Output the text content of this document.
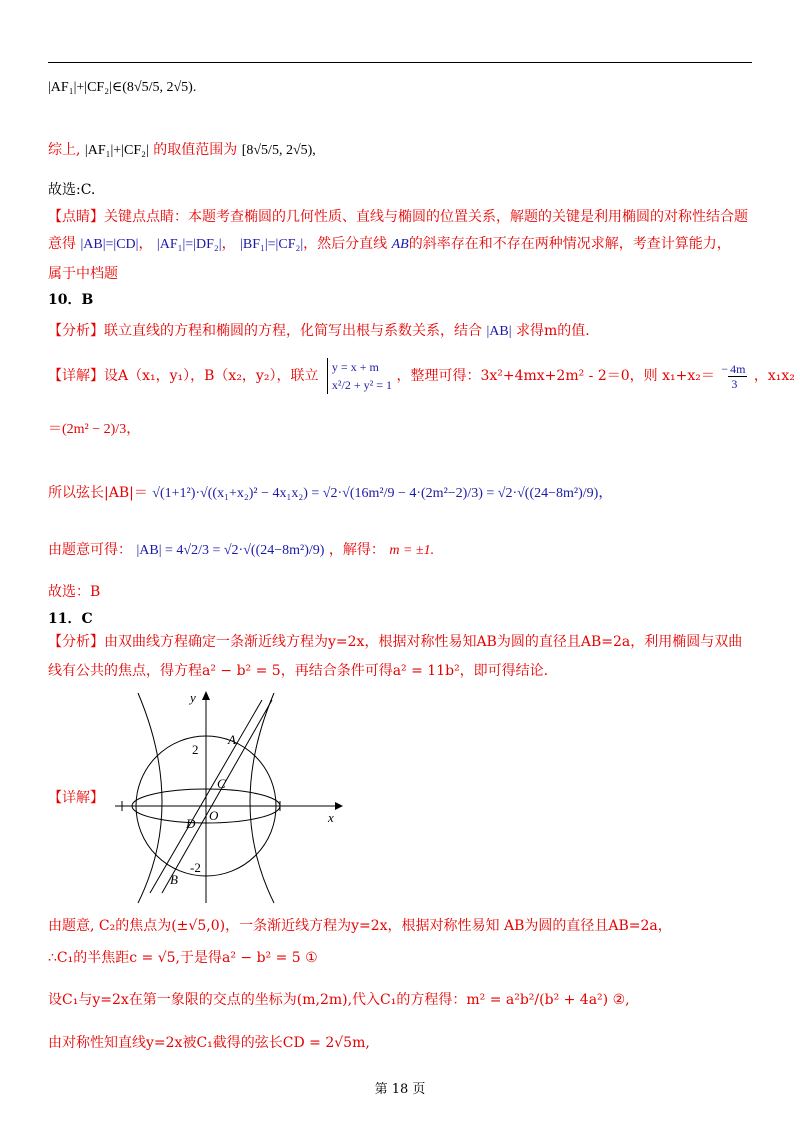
|AF₁|+|CF₂|∈(8√5/5, 2√5).
综上, |AF₁|+|CF₂| 的取值范围为 [8√5/5, 2√5),
故选:C.
【点睛】关键点点睛：本题考查椭圆的几何性质、直线与椭圆的位置关系，解题的关键是利用椭圆的对称性结合题
意得 |AB|=|CD|， |AF₁|=|DF₂|， |BF₁|=|CF₂|，然后分直线 AB的斜率存在和不存在两种情况求解，考查计算能力，
属于中档题
10．B
【分析】联立直线的方程和椭圆的方程，化简写出根与系数关系，结合 |AB| 求得m的值.
【详解】设A（x₁，y₁），B（x₂，y₂），联立
y = x + m
x²/2 + y² = 1
，整理可得：3x²+4mx+2m² - 2＝0，则 x₁+x₂＝ − 4m
3	，x₁x₂
＝(2m² − 2)/3，
所以弦长|AB|＝ √(1+1²)·√((x₁+x₂)² − 4x₁x₂) = √2·√(16m²/9 − 4·(2m²−2)/3) = √2·√((24−8m²)/9)，
由题意可得： |AB| = 4√2/3 = √2·√((24−8m²)/9) ，解得： m = ±1.
故选：B
11．C
【分析】由双曲线方程确定一条渐近线方程为y=2x，根据对称性易知AB为圆的直径且AB=2a，利用椭圆与双曲
线有公共的焦点，得方程a² − b² = 5，再结合条件可得a² = 11b²，即可得结论.
【详解】
x
y
2
-2
A
B
C
D
O
由题意, C₂的焦点为(±√5,0)，一条渐近线方程为y=2x，根据对称性易知 AB为圆的直径且AB=2a，
∴C₁的半焦距c = √5,于是得a² − b² = 5 ①
设C₁与y=2x在第一象限的交点的坐标为(m,2m),代入C₁的方程得：m² = a²b²/(b² + 4a²) ②,
由对称性知直线y=2x被C₁截得的弦长CD = 2√5m,
第 18 页
